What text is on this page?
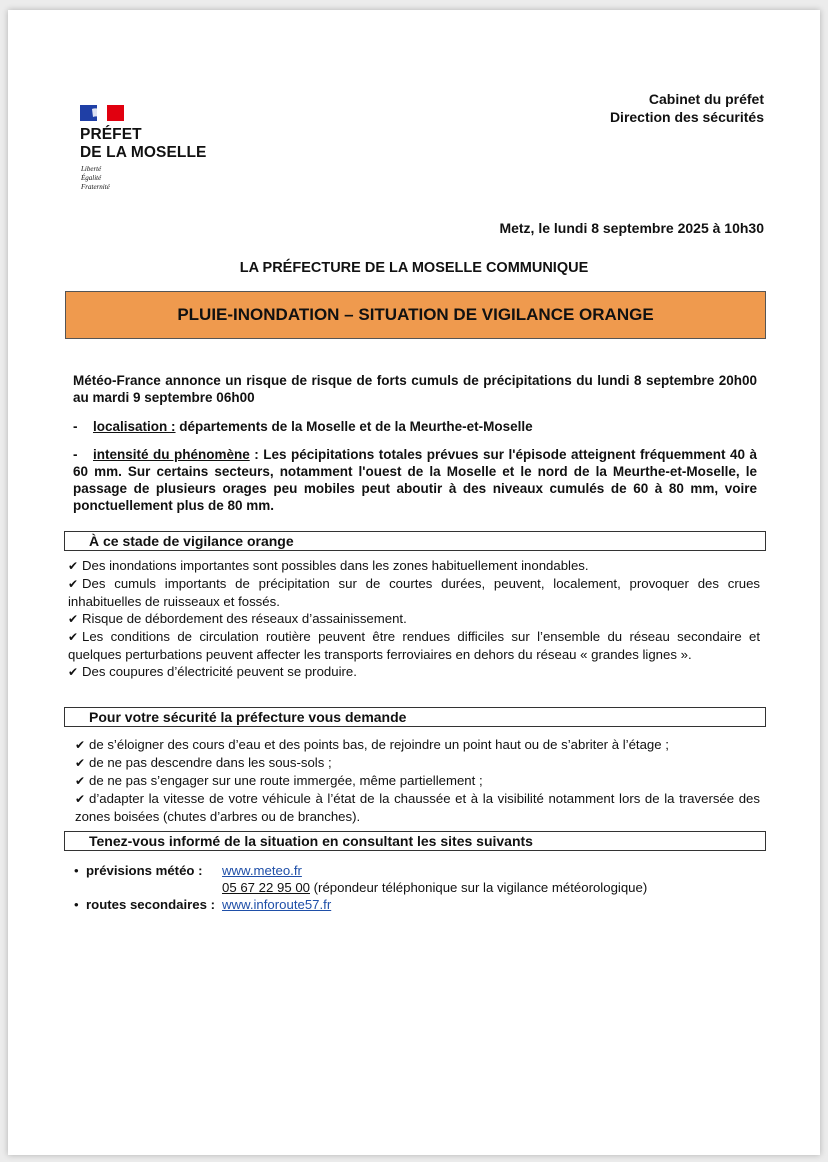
PRÉFET
DE LA MOSELLE
Liberté
Égalité
Fraternité
Cabinet du préfet
Direction des sécurités
Metz, le lundi 8 septembre 2025 à 10h30
LA PRÉFECTURE DE LA MOSELLE COMMUNIQUE
PLUIE-INONDATION – SITUATION DE VIGILANCE ORANGE
Météo-France annonce un risque de risque de forts cumuls de précipitations du lundi 8 septembre 20h00 au mardi 9 septembre 06h00
- localisation : départements de la Moselle et de la Meurthe-et-Moselle
- intensité du phénomène : Les pécipitations totales prévues sur l'épisode atteignent fréquemment 40 à 60 mm. Sur certains secteurs, notamment l'ouest de la Moselle et le nord de la Meurthe-et-Moselle, le passage de plusieurs orages peu mobiles peut aboutir à des niveaux cumulés de 60 à 80 mm, voire ponctuellement plus de 80 mm.
À ce stade de vigilance orange

✔ Des inondations importantes sont possibles dans les zones habituellement inondables.

✔ Des cumuls importants de précipitation sur de courtes durées, peuvent, localement, provoquer des crues inhabituelles de ruisseaux et fossés.

✔ Risque de débordement des réseaux d’assainissement.

✔ Les conditions de circulation routière peuvent être rendues difficiles sur l’ensemble du réseau secondaire et quelques perturbations peuvent affecter les transports ferroviaires en dehors du réseau « grandes lignes ».

✔ Des coupures d’électricité peuvent se produire.

Pour votre sécurité la préfecture vous demande

✔ de s’éloigner des cours d’eau et des points bas, de rejoindre un point haut ou de s’abriter à l’étage ;

✔ de ne pas descendre dans les sous-sols ;

✔ de ne pas s’engager sur une route immergée, même partiellement ;

✔ d’adapter la vitesse de votre véhicule à l’état de la chaussée et à la visibilité notamment lors de la traversée des zones boisées (chutes d’arbres ou de branches).

Tenez-vous informé de la situation en consultant les sites suivants
• prévisions météo : www.meteo.fr
05 67 22 95 00 (répondeur téléphonique sur la vigilance météorologique)
• routes secondaires : www.inforoute57.fr
